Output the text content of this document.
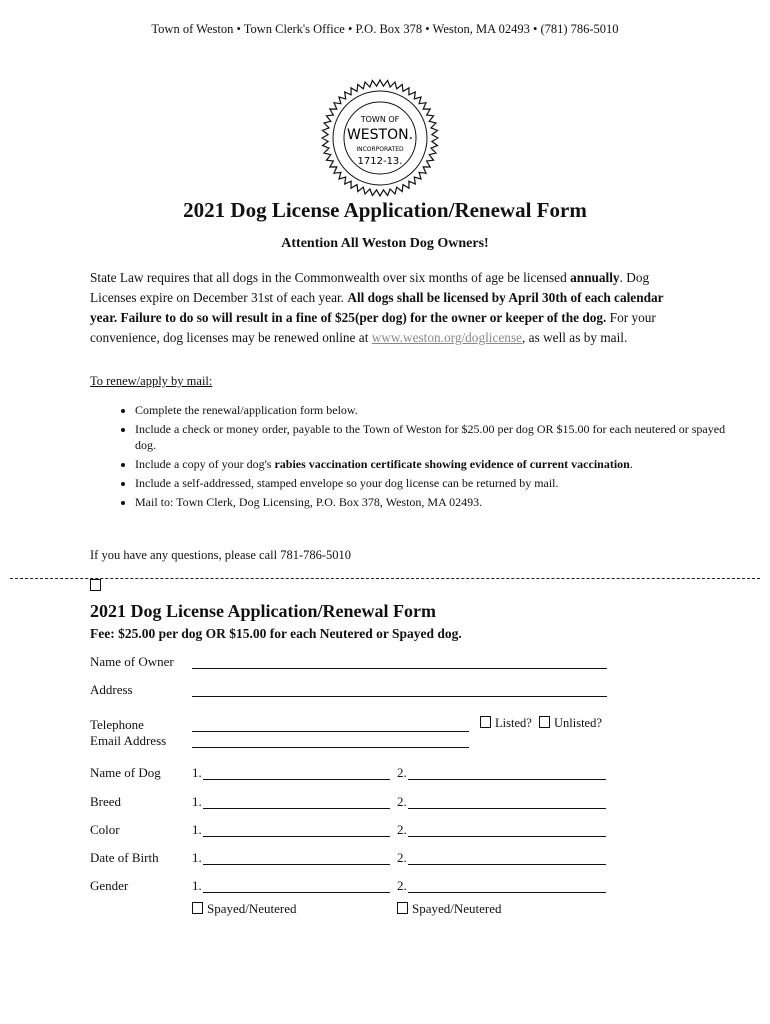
Town of Weston • Town Clerk's Office • P.O. Box 378 • Weston, MA 02493 • (781) 786-5010
TOWN OF
WESTON.
INCORPORATED
1712-13.
2021 Dog License Application/Renewal Form
Attention All Weston Dog Owners!
State Law requires that all dogs in the Commonwealth over six months of age be licensed annually. Dog Licenses expire on December 31st of each year. All dogs shall be licensed by April 30th of each calendar year. Failure to do so will result in a fine of $25(per dog) for the owner or keeper of the dog. For your convenience, dog licenses may be renewed online at www.weston.org/doglicense, as well as by mail.
To renew/apply by mail:
• Complete the renewal/application form below.
• Include a check or money order, payable to the Town of Weston for $25.00 per dog OR $15.00 for each neutered or spayed dog.
• Include a copy of your dog's rabies vaccination certificate showing evidence of current vaccination.
• Include a self-addressed, stamped envelope so your dog license can be returned by mail.
• Mail to: Town Clerk, Dog Licensing, P.O. Box 378, Weston, MA 02493.
If you have any questions, please call 781-786-5010
2021 Dog License Application/Renewal Form
Fee: $25.00 per dog OR $15.00 for each Neutered or Spayed dog.
Name of Owner
Address
Telephone	Listed?	Unlisted?
Email Address
Name of Dog 1.	2.
Breed	1.	2.
Color	1.	2.
Date of Birth	1.	2.
Gender	1.	2.
Spayed/Neutered	Spayed/Neutered
